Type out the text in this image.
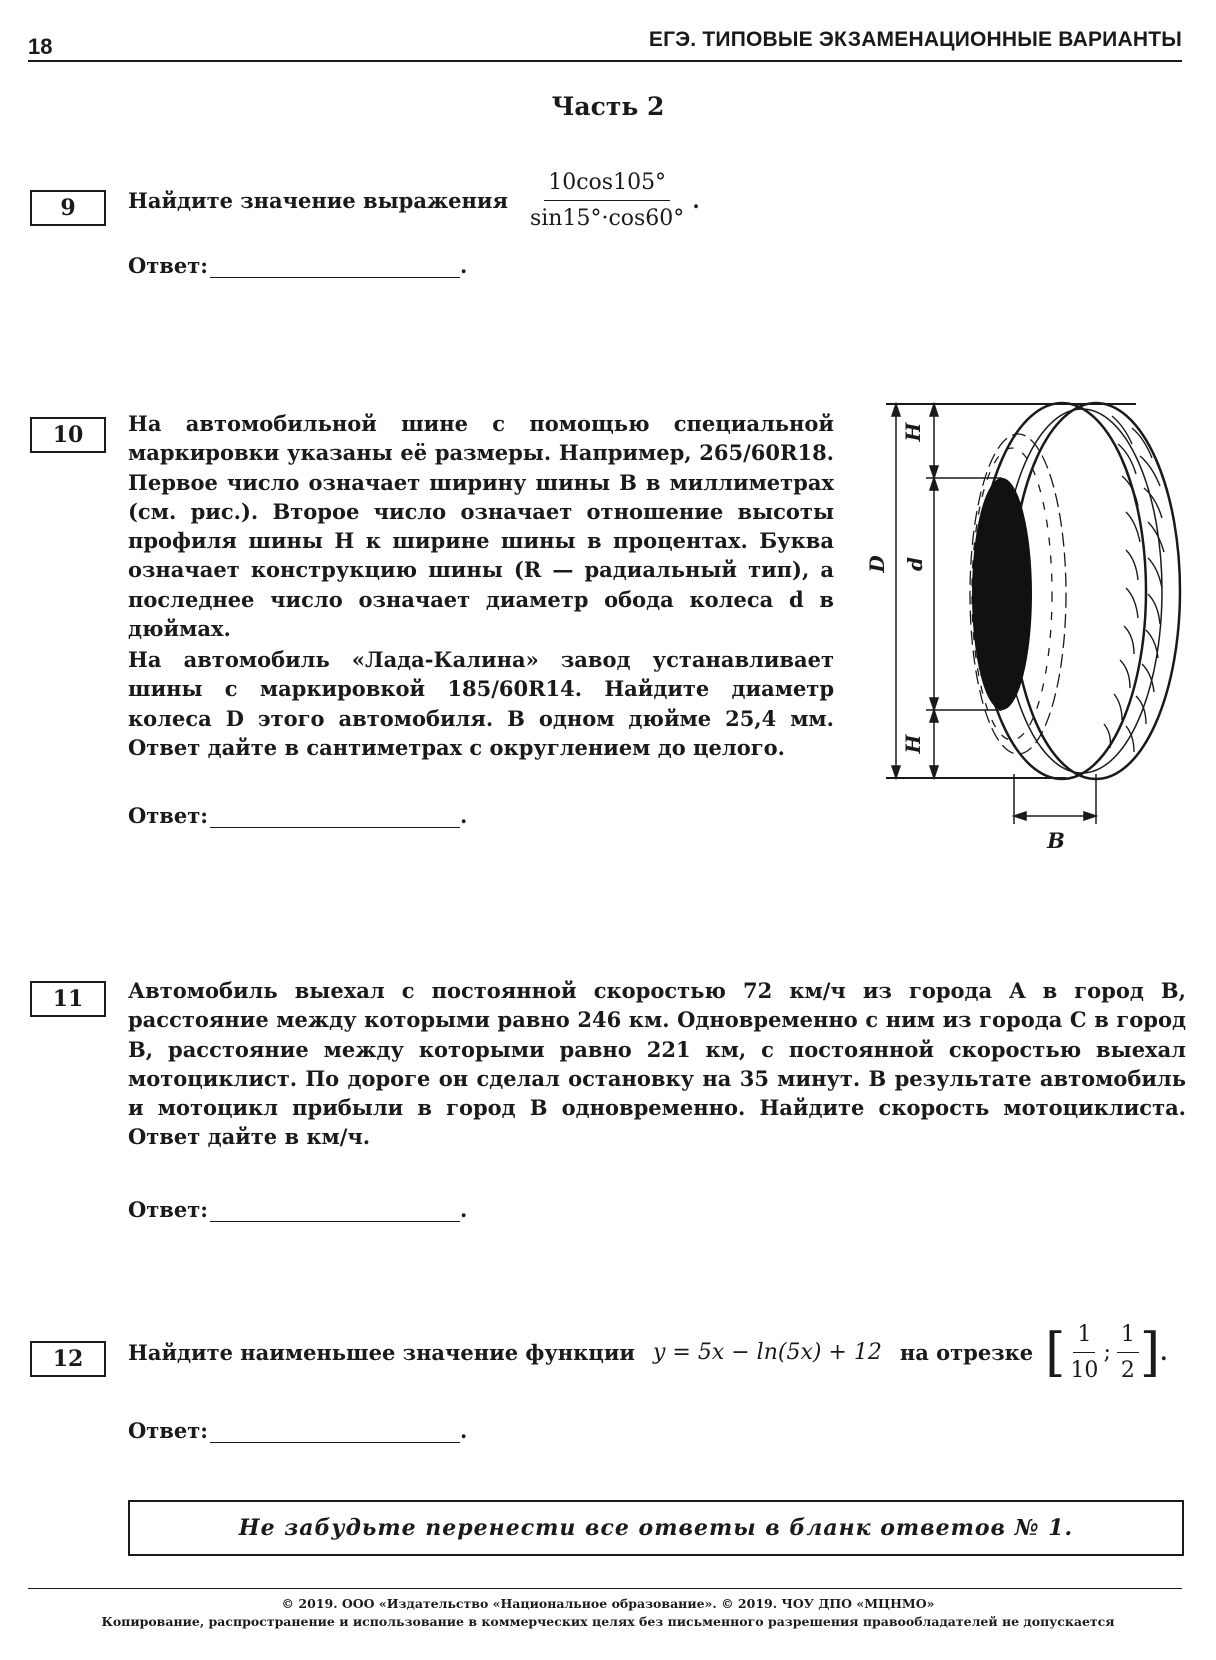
18	ЕГЭ. ТИПОВЫЕ ЭКЗАМЕНАЦИОННЫЕ ВАРИАНТЫ
Часть 2
9 Найдите значение выражения $\frac{10\cos 105^\circ}{\sin 15^\circ\cdot\cos 60^\circ}$ .
Ответ:	.
10 На автомобильной шине с помощью специальной маркировки указаны её размеры. Например, 265/60R18. Первое число означает ширину шины B в миллиметрах (см. рис.). Второе число означает отношение высоты профиля шины H к ширине шины в процентах. Буква означает конструкцию шины (R — радиальный тип), а последнее число означает диаметр обода колеса d в дюймах.
На автомобиль «Лада-Калина» завод устанавливает шины с маркировкой 185/60R14. Найдите диаметр колеса D этого автомобиля. В одном дюйме 25,4 мм. Ответ дайте в сантиметрах с округлением до целого.
Ответ:	.
H
D d
H
B
11 Автомобиль выехал с постоянной скоростью 72 км/ч из города A в город B, расстояние между которыми равно 246 км. Одновременно с ним из города C в город B, расстояние между которыми равно 221 км, с постоянной скоростью выехал мотоциклист. По дороге он сделал остановку на 35 минут. В результате автомобиль и мотоцикл прибыли в город B одновременно. Найдите скорость мотоциклиста. Ответ дайте в км/ч.
Ответ:	.
12 Найдите наименьшее значение функции y = 5x − ln(5x) + 12 на отрезке [ $\frac{1}{10}$ ; $\frac{1}{2}$ ] .
Ответ:	.
Не забудьте перенести все ответы в бланк ответов № 1.
© 2019. ООО «Издательство «Национальное образование». © 2019. ЧОУ ДПО «МЦНМО»
Копирование, распространение и использование в коммерческих целях без письменного разрешения правообладателей не допускается
